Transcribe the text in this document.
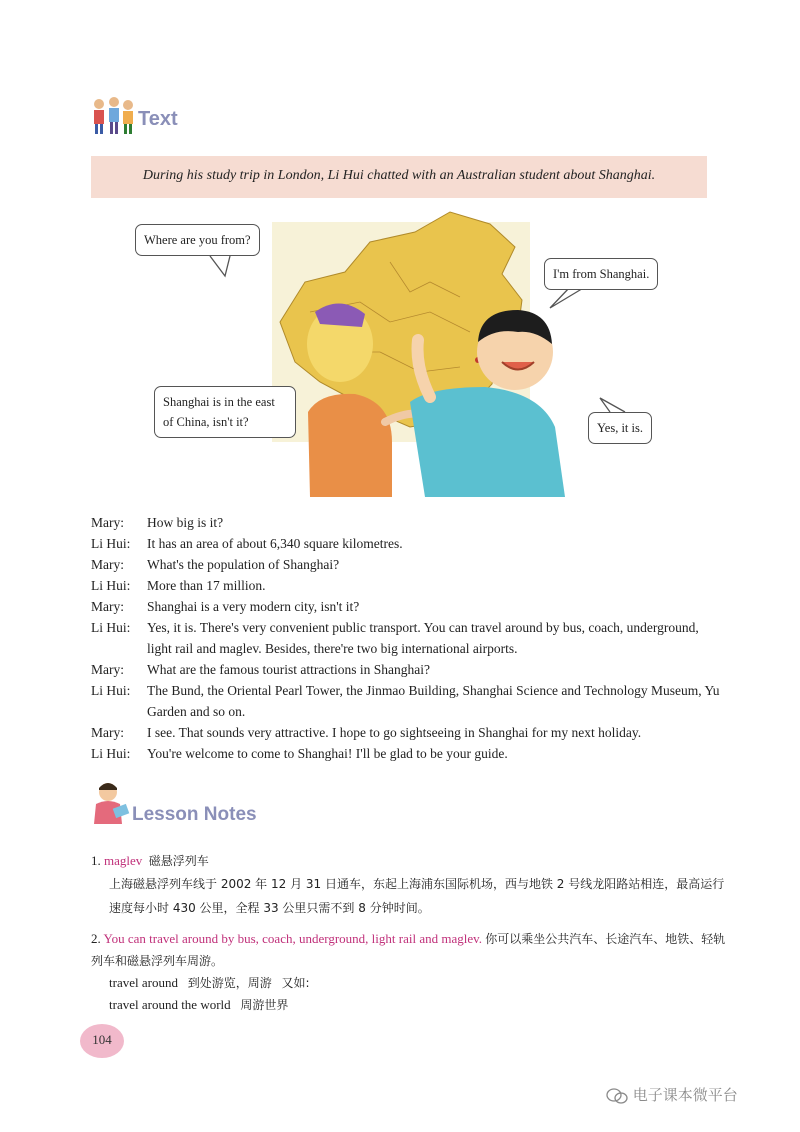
Text
During his study trip in London, Li Hui chatted with an Australian student about Shanghai.
Where are you from?
I'm from Shanghai.
Shanghai is in the east
of China, isn't it?	Yes, it is.
Mary:	How big is it?
Li Hui:	It has an area of about 6,340 square kilometres.
Mary:	What's the population of Shanghai?
Li Hui:	More than 17 million.
Mary:	Shanghai is a very modern city, isn't it?
Li Hui:	Yes, it is. There's very convenient public transport. You can travel around by bus, coach, underground, light rail and maglev. Besides, there're two big international airports.
Mary:	What are the famous tourist attractions in Shanghai?
Li Hui:	The Bund, the Oriental Pearl Tower, the Jinmao Building, Shanghai Science and Technology Museum, Yu Garden and so on.
Mary:	I see. That sounds very attractive. I hope to go sightseeing in Shanghai for my next holiday.
Li Hui:	You're welcome to come to Shanghai! I'll be glad to be your guide.
Lesson Notes
1. maglev 磁悬浮列车
上海磁悬浮列车线于 2002 年 12 月 31 日通车，东起上海浦东国际机场，西与地铁 2 号线龙阳路站相连，最高运行速度每小时 430 公里，全程 33 公里只需不到 8 分钟时间。
2. You can travel around by bus, coach, underground, light rail and maglev. 你可以乘坐公共汽车、长途汽车、地铁、轻轨列车和磁悬浮列车周游。
travel around 到处游览，周游 又如:
travel around the world 周游世界
104
电子课本微平台
